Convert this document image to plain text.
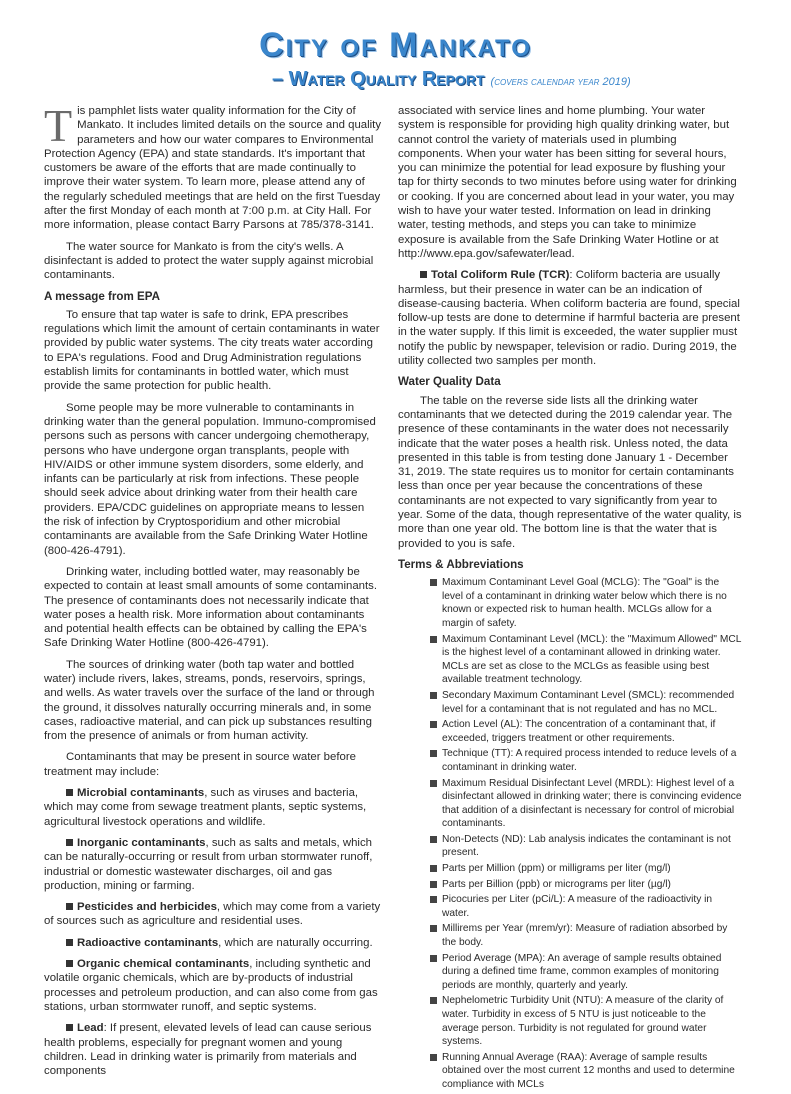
City of Mankato
– Water Quality Report (covers calendar year 2019)

Tis pamphlet lists water quality information for the City of Mankato. It includes limited details on the source and quality parameters and how our water compares to Environmental Protection Agency (EPA) and state standards. It's important that customers be aware of the efforts that are made continually to improve their water system. To learn more, please attend any of the regularly scheduled meetings that are held on the first Tuesday after the first Monday of each month at 7:00 p.m. at City Hall. For more information, please contact Barry Parsons at 785/378-3141.

The water source for Mankato is from the city's wells. A disinfectant is added to protect the water supply against microbial contaminants.

A message from EPA

To ensure that tap water is safe to drink, EPA prescribes regulations which limit the amount of certain contaminants in water provided by public water systems. The city treats water according to EPA's regulations. Food and Drug Administration regulations establish limits for contaminants in bottled water, which must provide the same protection for public health.

Some people may be more vulnerable to contaminants in drinking water than the general population. Immuno-compromised persons such as persons with cancer undergoing chemotherapy, persons who have undergone organ transplants, people with HIV/AIDS or other immune system disorders, some elderly, and infants can be particularly at risk from infections. These people should seek advice about drinking water from their health care providers. EPA/CDC guidelines on appropriate means to lessen the risk of infection by Cryptosporidium and other microbial contaminants are available from the Safe Drinking Water Hotline (800-426-4791).

Drinking water, including bottled water, may reasonably be expected to contain at least small amounts of some contaminants. The presence of contaminants does not necessarily indicate that water poses a health risk. More information about contaminants and potential health effects can be obtained by calling the EPA's Safe Drinking Water Hotline (800-426-4791).

The sources of drinking water (both tap water and bottled water) include rivers, lakes, streams, ponds, reservoirs, springs, and wells. As water travels over the surface of the land or through the ground, it dissolves naturally occurring minerals and, in some cases, radioactive material, and can pick up substances resulting from the presence of animals or from human activity.

Contaminants that may be present in source water before treatment may include:

Microbial contaminants, such as viruses and bacteria, which may come from sewage treatment plants, septic systems, agricultural livestock operations and wildlife.

Inorganic contaminants, such as salts and metals, which can be naturally-occurring or result from urban stormwater runoff, industrial or domestic wastewater discharges, oil and gas production, mining or farming.

Pesticides and herbicides, which may come from a variety of sources such as agriculture and residential uses.

Radioactive contaminants, which are naturally occurring.

Organic chemical contaminants, including synthetic and volatile organic chemicals, which are by-products of industrial processes and petroleum production, and can also come from gas stations, urban stormwater runoff, and septic systems.

Lead: If present, elevated levels of lead can cause serious health problems, especially for pregnant women and young children. Lead in drinking water is primarily from materials and components

associated with service lines and home plumbing. Your water system is responsible for providing high quality drinking water, but cannot control the variety of materials used in plumbing components. When your water has been sitting for several hours, you can minimize the potential for lead exposure by flushing your tap for thirty seconds to two minutes before using water for drinking or cooking. If you are concerned about lead in your water, you may wish to have your water tested. Information on lead in drinking water, testing methods, and steps you can take to minimize exposure is available from the Safe Drinking Water Hotline or at http://www.epa.gov/safewater/lead.

Total Coliform Rule (TCR): Coliform bacteria are usually harmless, but their presence in water can be an indication of disease-causing bacteria. When coliform bacteria are found, special follow-up tests are done to determine if harmful bacteria are present in the water supply. If this limit is exceeded, the water supplier must notify the public by newspaper, television or radio. During 2019, the utility collected two samples per month.

Water Quality Data

The table on the reverse side lists all the drinking water contaminants that we detected during the 2019 calendar year. The presence of these contaminants in the water does not necessarily indicate that the water poses a health risk. Unless noted, the data presented in this table is from testing done January 1 - December 31, 2019. The state requires us to monitor for certain contaminants less than once per year because the concentrations of these contaminants are not expected to vary significantly from year to year. Some of the data, though representative of the water quality, is more than one year old. The bottom line is that the water that is provided to you is safe.

Terms & Abbreviations
Maximum Contaminant Level Goal (MCLG): The "Goal" is the level of a contaminant in drinking water below which there is no known or expected risk to human health. MCLGs allow for a margin of safety.
Maximum Contaminant Level (MCL): the "Maximum Allowed" MCL is the highest level of a contaminant allowed in drinking water. MCLs are set as close to the MCLGs as feasible using best available treatment technology.
Secondary Maximum Contaminant Level (SMCL): recommended level for a contaminant that is not regulated and has no MCL.
Action Level (AL): The concentration of a contaminant that, if exceeded, triggers treatment or other requirements.
Technique (TT): A required process intended to reduce levels of a contaminant in drinking water.
Maximum Residual Disinfectant Level (MRDL): Highest level of a disinfectant allowed in drinking water; there is convincing evidence that addition of a disinfectant is necessary for control of microbial contaminants.
Non-Detects (ND): Lab analysis indicates the contaminant is not present.
Parts per Million (ppm) or milligrams per liter (mg/l)
Parts per Billion (ppb) or micrograms per liter (µg/l)
Picocuries per Liter (pCi/L): A measure of the radioactivity in water.
Millirems per Year (mrem/yr): Measure of radiation absorbed by the body.
Period Average (MPA): An average of sample results obtained during a defined time frame, common examples of monitoring periods are monthly, quarterly and yearly.
Nephelometric Turbidity Unit (NTU): A measure of the clarity of water. Turbidity in excess of 5 NTU is just noticeable to the average person. Turbidity is not regulated for ground water systems.
Running Annual Average (RAA): Average of sample results obtained over the most current 12 months and used to determine compliance with MCLs
